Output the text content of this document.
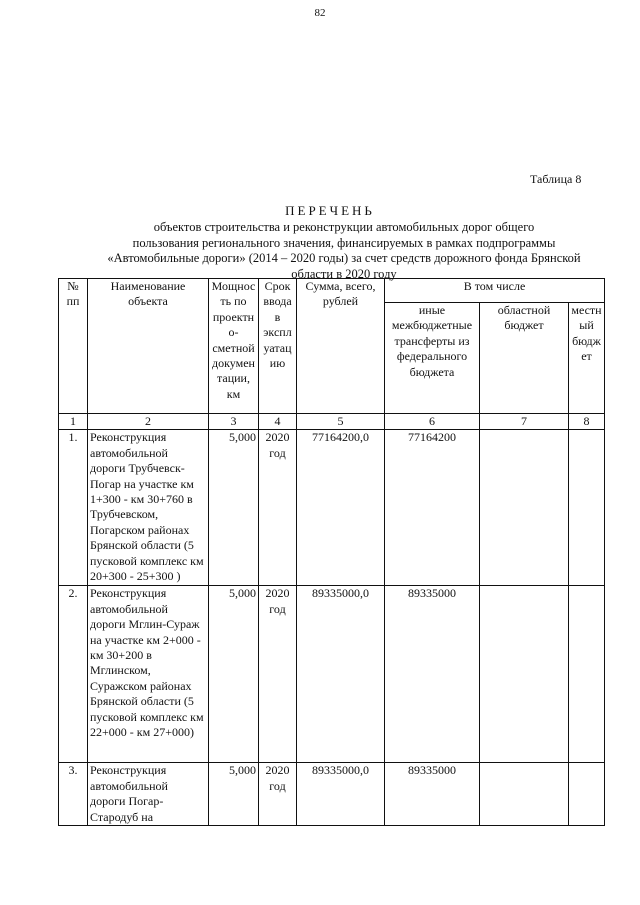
82
Таблица 8
ПЕРЕЧЕНЬ
объектов строительства и реконструкции автомобильных дорог общего
пользования регионального значения, финансируемых в рамках подпрограммы
«Автомобильные дороги» (2014 – 2020 годы) за счет средств дорожного фонда Брянской
области в 2020 году
№ пп	Наименование объекта	Мощность по проектно-сметной документации, км	Срок ввода в эксплуатацию	Сумма, всего, рублей	В том числе		
					иные межбюджетные трансферты из федерального бюджета	областной бюджет	местный бюджет
1	2	3	4	5	6	7	8
1.	Реконструкция автомобильной дороги Трубчевск-Погар на участке км 1+300 - км 30+760 в Трубчевском, Погарском районах Брянской области (5 пусковой комплекс км 20+300 - 25+300 )	5,000	2020 год	77164200,0	77164200		
2.	Реконструкция автомобильной дороги Мглин-Сураж на участке км 2+000 - км 30+200 в Мглинском, Суражском районах Брянской области (5 пусковой комплекс км 22+000 - км 27+000)	5,000	2020 год	89335000,0	89335000		
3.	Реконструкция автомобильной дороги Погар-Стародуб на	5,000	2020 год	89335000,0	89335000		
